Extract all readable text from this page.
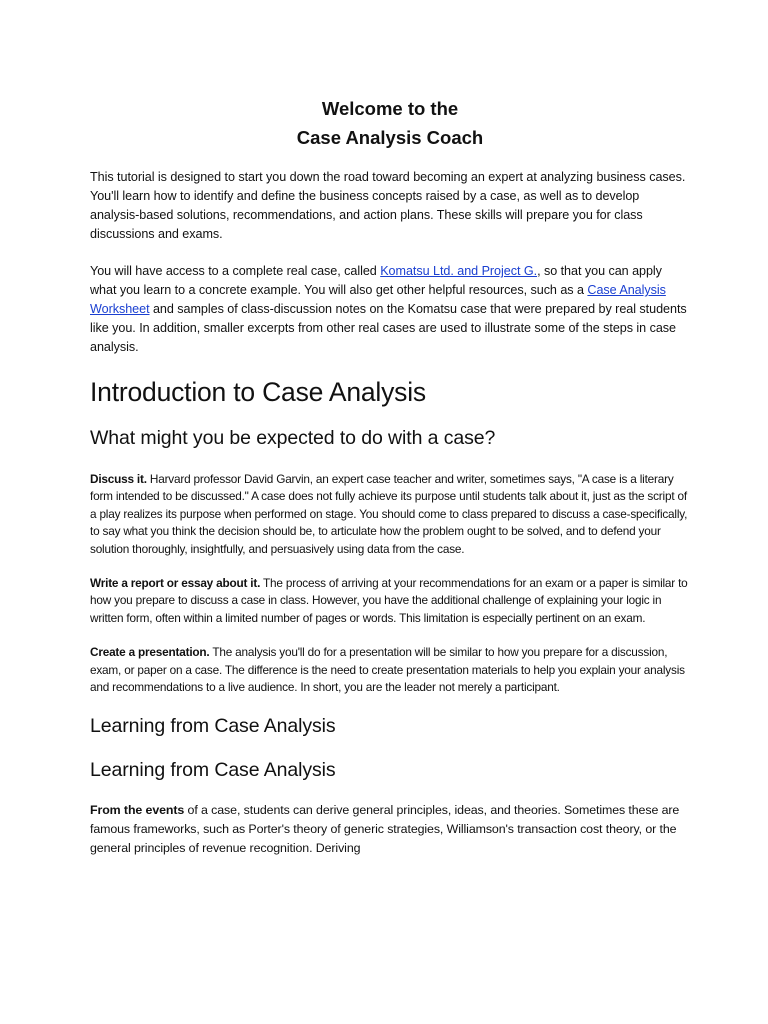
Welcome to the
Case Analysis Coach

This tutorial is designed to start you down the road toward becoming an expert at analyzing business cases. You'll learn how to identify and define the business concepts raised by a case, as well as to develop analysis-based solutions, recommendations, and action plans. These skills will prepare you for class discussions and exams.

You will have access to a complete real case, called Komatsu Ltd. and Project G., so that you can apply what you learn to a concrete example. You will also get other helpful resources, such as a Case Analysis Worksheet and samples of class-discussion notes on the Komatsu case that were prepared by real students like you. In addition, smaller excerpts from other real cases are used to illustrate some of the steps in case analysis.

Introduction to Case Analysis
What might you be expected to do with a case?

Discuss it. Harvard professor David Garvin, an expert case teacher and writer, sometimes says, "A case is a literary form intended to be discussed." A case does not fully achieve its purpose until students talk about it, just as the script of a play realizes its purpose when performed on stage. You should come to class prepared to discuss a case-specifically, to say what you think the decision should be, to articulate how the problem ought to be solved, and to defend your solution thoroughly, insightfully, and persuasively using data from the case.

Write a report or essay about it. The process of arriving at your recommendations for an exam or a paper is similar to how you prepare to discuss a case in class. However, you have the additional challenge of explaining your logic in written form, often within a limited number of pages or words. This limitation is especially pertinent on an exam.

Create a presentation. The analysis you'll do for a presentation will be similar to how you prepare for a discussion, exam, or paper on a case. The difference is the need to create presentation materials to help you explain your analysis and recommendations to a live audience. In short, you are the leader not merely a participant.

Learning from Case Analysis
Learning from Case Analysis

From the events of a case, students can derive general principles, ideas, and theories. Sometimes these are famous frameworks, such as Porter's theory of generic strategies, Williamson's transaction cost theory, or the general principles of revenue recognition. Deriving
